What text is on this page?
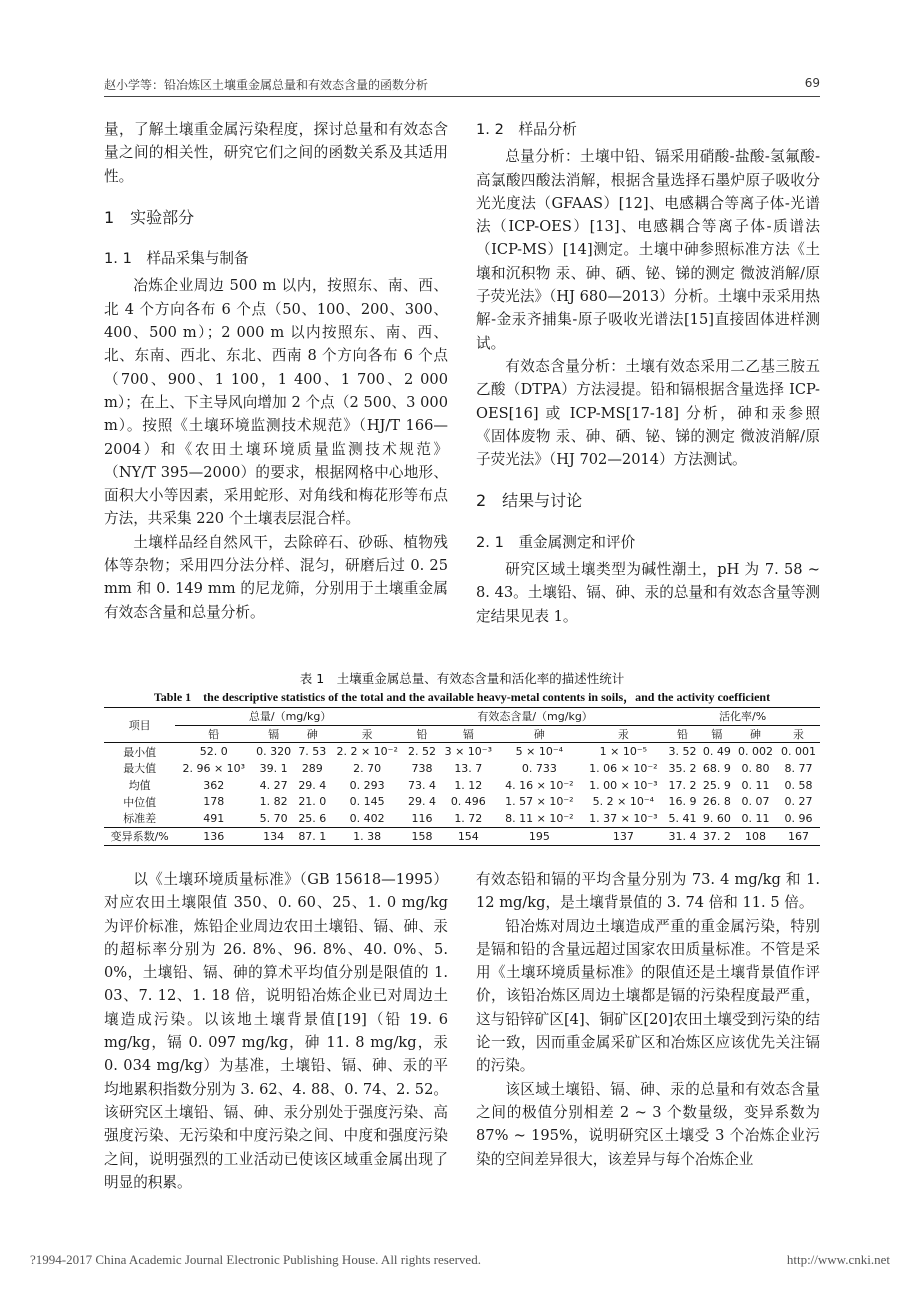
赵小学等：铅冶炼区土壤重金属总量和有效态含量的函数分析	69

量，了解土壤重金属污染程度，探讨总量和有效态含量之间的相关性，研究它们之间的函数关系及其适用性。

1　实验部分
1. 1　样品采集与制备

冶炼企业周边 500 m 以内，按照东、南、西、北 4 个方向各布 6 个点（50、100、200、300、400、500 m）；2 000 m 以内按照东、南、西、北、东南、西北、东北、西南 8 个方向各布 6 个点（700、900、1 100，1 400、1 700、2 000 m）；在上、下主导风向增加 2 个点（2 500、3 000 m）。按照《土壤环境监测技术规范》（HJ/T 166—2004）和《农田土壤环境质量监测技术规范》（NY/T 395—2000）的要求，根据网格中心地形、面积大小等因素，采用蛇形、对角线和梅花形等布点方法，共采集 220 个土壤表层混合样。

土壤样品经自然风干，去除碎石、砂砾、植物残体等杂物；采用四分法分样、混匀，研磨后过 0. 25 mm 和 0. 149 mm 的尼龙筛，分别用于土壤重金属有效态含量和总量分析。

1. 2　样品分析

总量分析：土壤中铅、镉采用硝酸-盐酸-氢氟酸-高氯酸四酸法消解，根据含量选择石墨炉原子吸收分光光度法（GFAAS）[12]、电感耦合等离子体-光谱法（ICP-OES）[13]、电感耦合等离子体-质谱法（ICP-MS）[14]测定。土壤中砷参照标准方法《土壤和沉积物 汞、砷、硒、铋、锑的测定 微波消解/原子荧光法》（HJ 680—2013）分析。土壤中汞采用热解-金汞齐捕集-原子吸收光谱法[15]直接固体进样测试。

有效态含量分析：土壤有效态采用二乙基三胺五乙酸（DTPA）方法浸提。铅和镉根据含量选择 ICP-OES[16] 或 ICP-MS[17-18] 分析，砷和汞参照《固体废物 汞、砷、硒、铋、锑的测定 微波消解/原子荧光法》（HJ 702—2014）方法测试。

2　结果与讨论
2. 1　重金属测定和评价

研究区域土壤类型为碱性潮土，pH 为 7. 58 ~ 8. 43。土壤铅、镉、砷、汞的总量和有效态含量等测定结果见表 1。

表 1　土壤重金属总量、有效态含量和活化率的描述性统计
Table 1　the descriptive statistics of the total and the available heavy-metal contents in soils，and the activity coefficient
项目	总量/（mg/kg）				有效态含量/（mg/kg）				活化率/%			
	铅	镉	砷	汞	铅	镉	砷	汞	铅	镉	砷	汞
最小值	52. 0	0. 320	7. 53	2. 2 × 10⁻²	2. 52	3 × 10⁻³	5 × 10⁻⁴	1 × 10⁻⁵	3. 52	0. 49	0. 002	0. 001
最大值	2. 96 × 10³	39. 1	289	2. 70	738	13. 7	0. 733	1. 06 × 10⁻²	35. 2	68. 9	0. 80	8. 77
均值	362	4. 27	29. 4	0. 293	73. 4	1. 12	4. 16 × 10⁻²	1. 00 × 10⁻³	17. 2	25. 9	0. 11	0. 58
中位值	178	1. 82	21. 0	0. 145	29. 4	0. 496	1. 57 × 10⁻²	5. 2 × 10⁻⁴	16. 9	26. 8	0. 07	0. 27
标准差	491	5. 70	25. 6	0. 402	116	1. 72	8. 11 × 10⁻²	1. 37 × 10⁻³	5. 41	9. 60	0. 11	0. 96
变异系数/%	136	134	87. 1	1. 38	158	154	195	137	31. 4	37. 2	108	167

以《土壤环境质量标准》（GB 15618—1995）对应农田土壤限值 350、0. 60、25、1. 0 mg/kg 为评价标准，炼铅企业周边农田土壤铅、镉、砷、汞的超标率分别为 26. 8%、96. 8%、40. 0%、5. 0%，土壤铅、镉、砷的算术平均值分别是限值的 1. 03、7. 12、1. 18 倍，说明铅冶炼企业已对周边土壤造成污染。以该地土壤背景值[19]（铅 19. 6 mg/kg，镉 0. 097 mg/kg，砷 11. 8 mg/kg，汞 0. 034 mg/kg）为基准，土壤铅、镉、砷、汞的平均地累积指数分别为 3. 62、4. 88、0. 74、2. 52。该研究区土壤铅、镉、砷、汞分别处于强度污染、高强度污染、无污染和中度污染之间、中度和强度污染之间，说明强烈的工业活动已使该区域重金属出现了明显的积累。

有效态铅和镉的平均含量分别为 73. 4 mg/kg 和 1. 12 mg/kg，是土壤背景值的 3. 74 倍和 11. 5 倍。

铅冶炼对周边土壤造成严重的重金属污染，特别是镉和铅的含量远超过国家农田质量标准。不管是采用《土壤环境质量标准》的限值还是土壤背景值作评价，该铅冶炼区周边土壤都是镉的污染程度最严重，这与铅锌矿区[4]、铜矿区[20]农田土壤受到污染的结论一致，因而重金属采矿区和冶炼区应该优先关注镉的污染。

该区域土壤铅、镉、砷、汞的总量和有效态含量之间的极值分别相差 2 ~ 3 个数量级，变异系数为 87% ~ 195%，说明研究区土壤受 3 个冶炼企业污染的空间差异很大，该差异与每个冶炼企业

?1994-2017 China Academic Journal Electronic Publishing House. All rights reserved.	http://www.cnki.net
